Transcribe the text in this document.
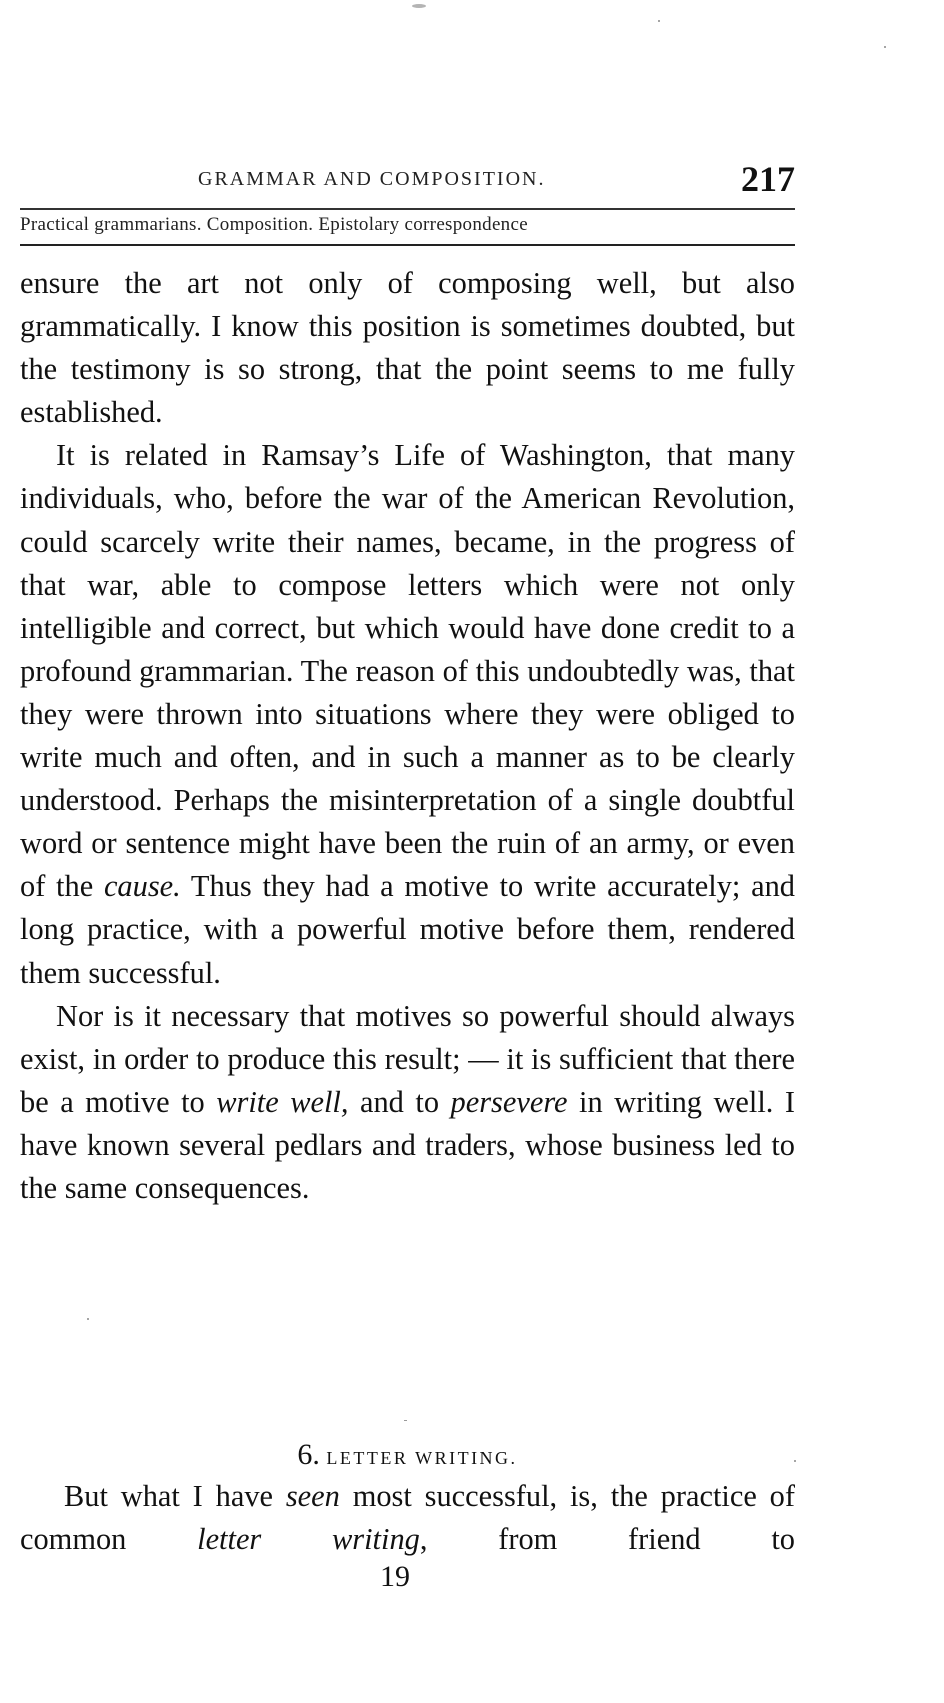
GRAMMAR AND COMPOSITION.	217
Practical grammarians. Composition. Epistolary correspondence

ensure the art not only of composing well, but also grammatically. I know this position is sometimes doubted, but the testimony is so strong, that the point seems to me fully established.

It is related in Ramsay’s Life of Washington, that many individuals, who, before the war of the American Revolution, could scarcely write their names, became, in the progress of that war, able to compose letters which were not only intelligible and correct, but which would have done credit to a profound grammarian. The reason of this undoubtedly was, that they were thrown into situations where they were obliged to write much and often, and in such a manner as to be clearly understood. Perhaps the misinterpretation of a single doubtful word or sentence might have been the ruin of an army, or even of the cause. Thus they had a motive to write accurately; and long practice, with a powerful motive before them, rendered them successful.

Nor is it necessary that motives so powerful should always exist, in order to produce this result; — it is sufficient that there be a motive to write well, and to persevere in writing well. I have known several pedlars and traders, whose business led to the same consequences.

6. LETTER WRITING.
But what I have seen most successful, is, the practice of common letter writing, from friend to
19
